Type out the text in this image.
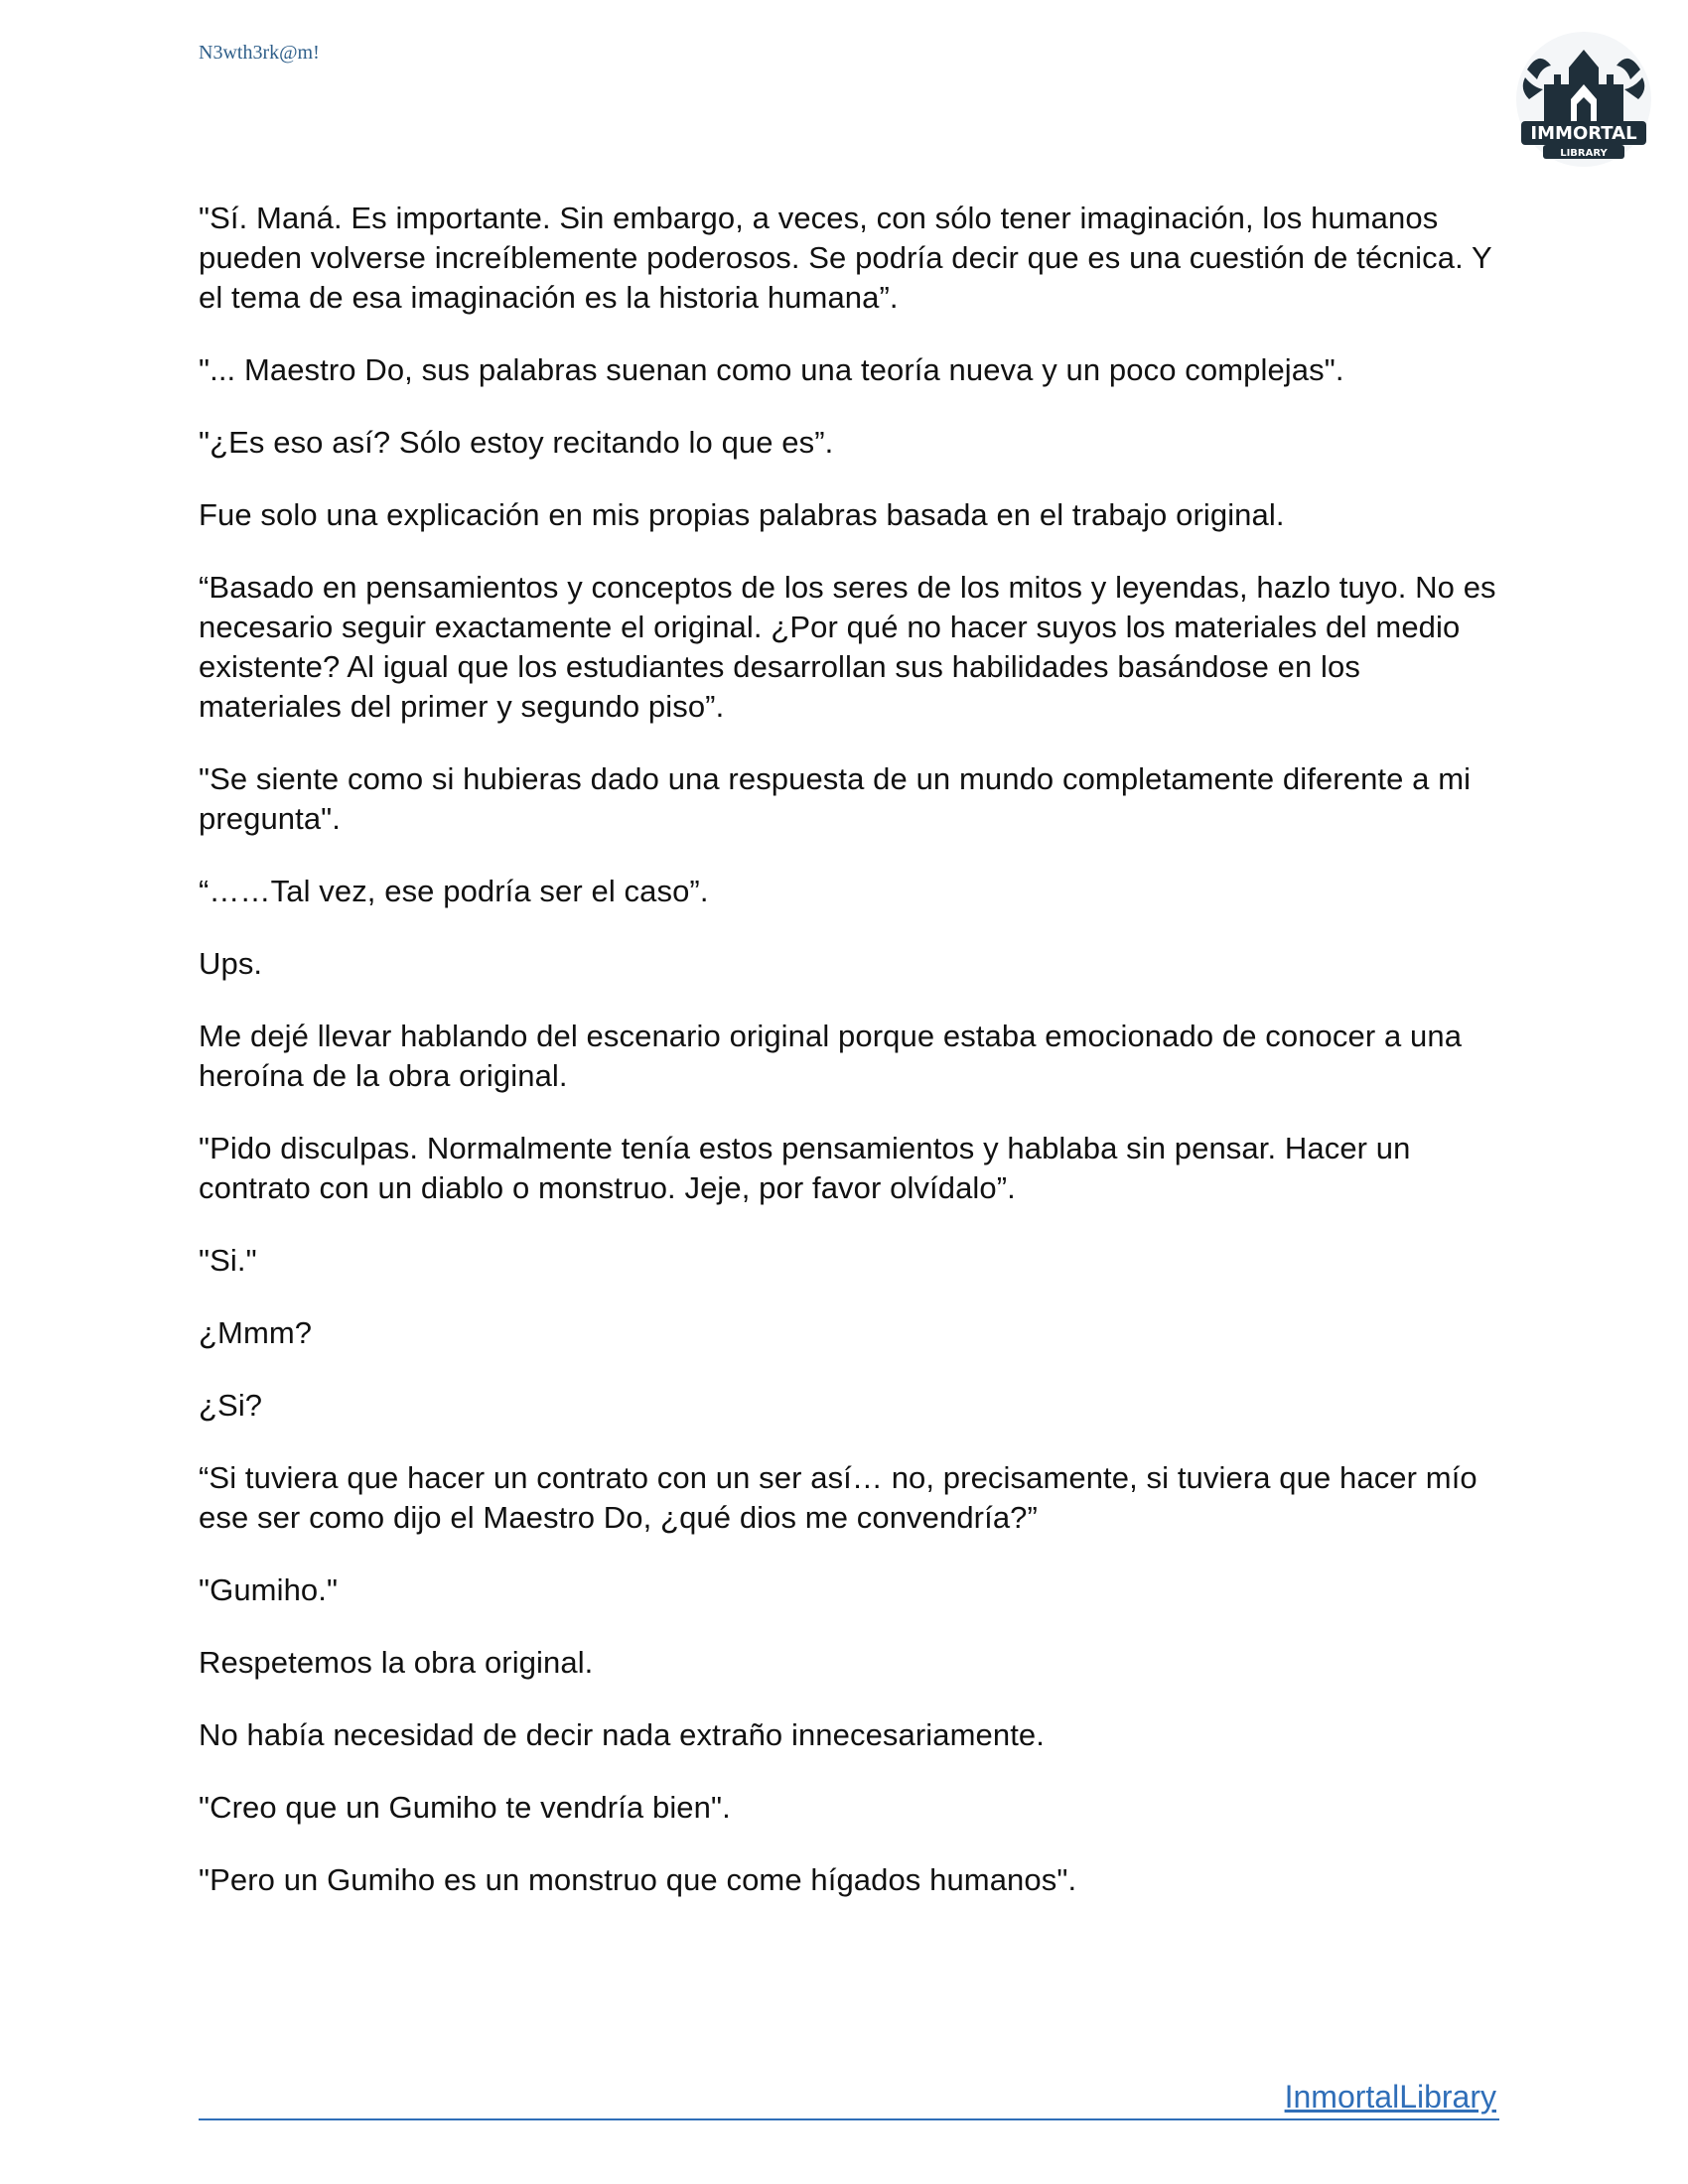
N3wth3rk@m!
IMMORTAL
LIBRARY

"Sí. Maná. Es importante. Sin embargo, a veces, con sólo tener imaginación, los humanos pueden volverse increíblemente poderosos. Se podría decir que es una cuestión de técnica. Y el tema de esa imaginación es la historia humana”.

"... Maestro Do, sus palabras suenan como una teoría nueva y un poco complejas".

"¿Es eso así? Sólo estoy recitando lo que es”.

Fue solo una explicación en mis propias palabras basada en el trabajo original.

“Basado en pensamientos y conceptos de los seres de los mitos y leyendas, hazlo tuyo. No es necesario seguir exactamente el original. ¿Por qué no hacer suyos los materiales del medio existente? Al igual que los estudiantes desarrollan sus habilidades basándose en los materiales del primer y segundo piso”.

"Se siente como si hubieras dado una respuesta de un mundo completamente diferente a mi pregunta".

“……Tal vez, ese podría ser el caso”.

Ups.

Me dejé llevar hablando del escenario original porque estaba emocionado de conocer a una heroína de la obra original.

"Pido disculpas. Normalmente tenía estos pensamientos y hablaba sin pensar. Hacer un contrato con un diablo o monstruo. Jeje, por favor olvídalo”.

"Si."

¿Mmm?

¿Si?

“Si tuviera que hacer un contrato con un ser así… no, precisamente, si tuviera que hacer mío ese ser como dijo el Maestro Do, ¿qué dios me convendría?”

"Gumiho."

Respetemos la obra original.

No había necesidad de decir nada extraño innecesariamente.

"Creo que un Gumiho te vendría bien".

"Pero un Gumiho es un monstruo que come hígados humanos".

InmortalLibrary
